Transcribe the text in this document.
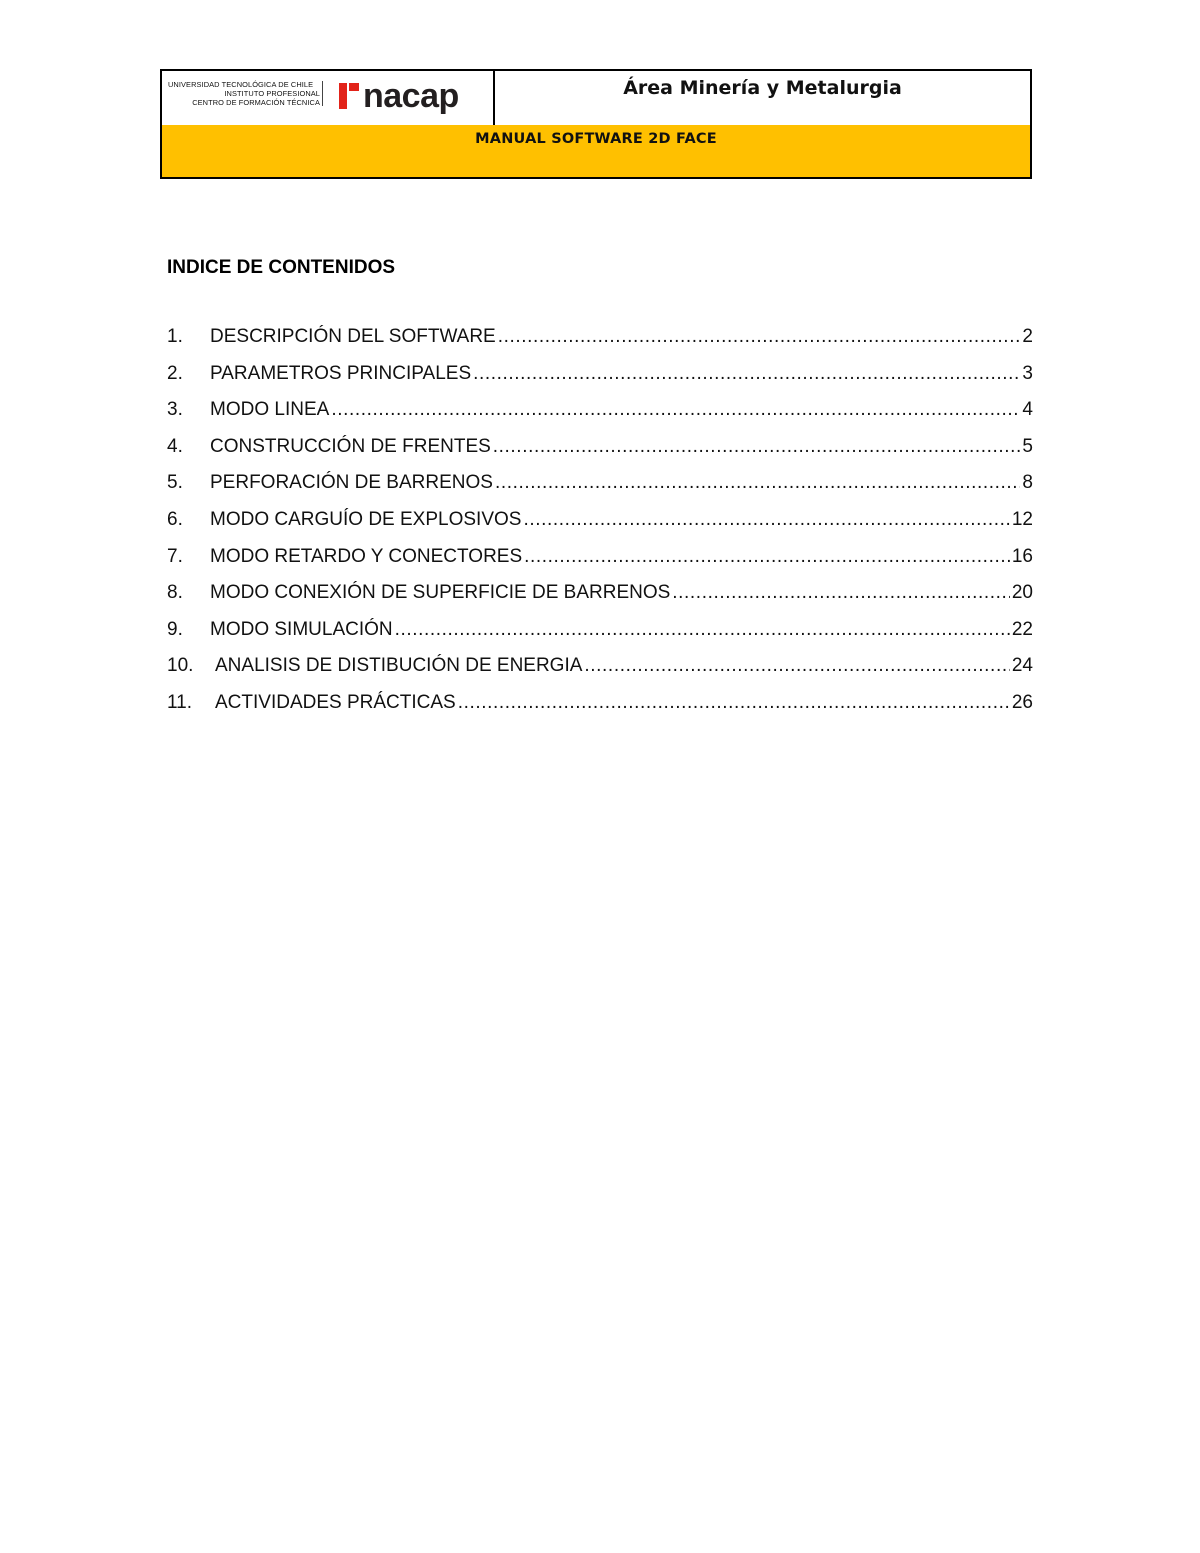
UNIVERSIDAD TECNOLÓGICA DE CHILE
INSTITUTO PROFESIONAL
CENTRO DE FORMACIÓN TÉCNICA nacap	Área Minería y Metalurgia
MANUAL SOFTWARE 2D FACE
INDICE DE CONTENIDOS
1. DESCRIPCIÓN DEL SOFTWARE .....	2
2. PARAMETROS PRINCIPALES .....	3
3. MODO LINEA .....	4
4. CONSTRUCCIÓN DE FRENTES .....	5
5. PERFORACIÓN DE BARRENOS .....	8
6. MODO CARGUÍO DE EXPLOSIVOS .....	12
7. MODO RETARDO Y CONECTORES .....	16
8. MODO CONEXIÓN DE SUPERFICIE DE BARRENOS .....	20
9. MODO SIMULACIÓN .....	22
10. ANALISIS DE DISTIBUCIÓN DE ENERGIA .....	24
11. ACTIVIDADES PRÁCTICAS .....	26
